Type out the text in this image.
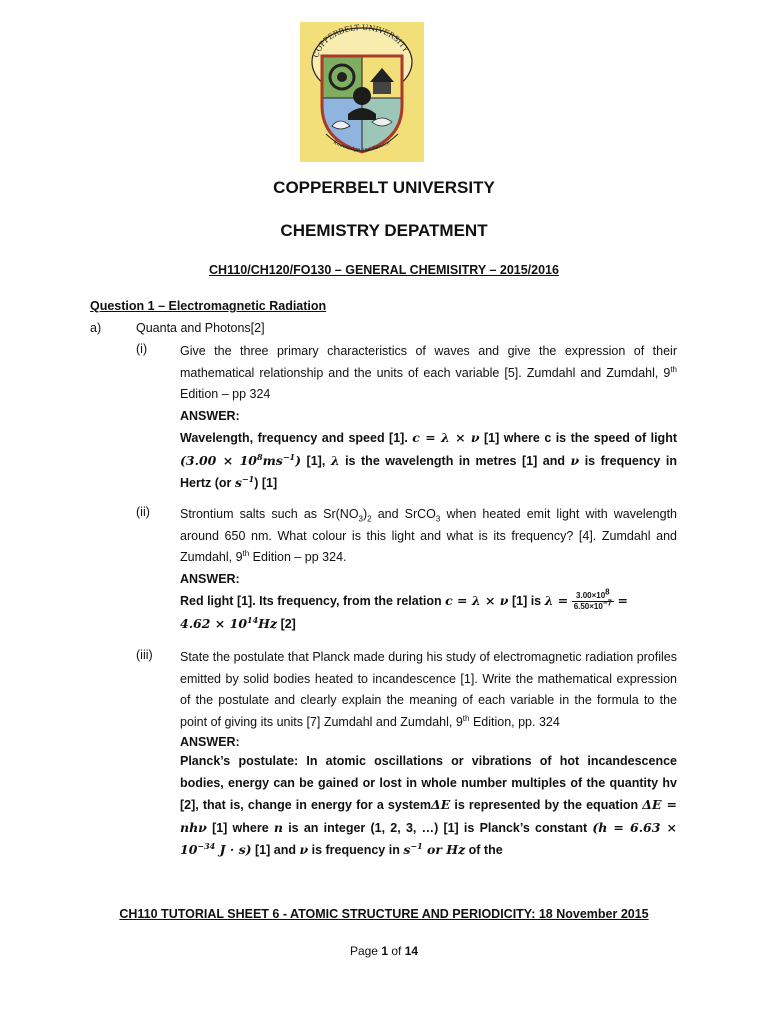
COPPERBELT UNIVERSITY
Knowledge and Service
COPPERBELT UNIVERSITY
CHEMISTRY DEPATMENT
CH110/CH120/FO130 – GENERAL CHEMISITRY – 2015/2016
Question 1 – Electromagnetic Radiation
a)	Quanta and Photons[2]
(i)	Give the three primary characteristics of waves and give the expression of their mathematical relationship and the units of each variable [5]. Zumdahl and Zumdahl, 9th Edition – pp 324
ANSWER:
Wavelength, frequency and speed [1]. c = λ × ν [1] where c is the speed of light $(3.00 \times 10^8ms^{-1})$ [1], λ is the wavelength in metres [1] and ν is frequency in Hertz (or $s^{-1}$) [1]
(ii) Strontium salts such as $Sr(NO_3)_2$ and SrCO$_3$ when heated emit light with wavelength around 650 nm. What colour is this light and what is its frequency? [4]. Zumdahl and Zumdahl, 9th Edition – pp 324.
ANSWER:
Red light [1]. Its frequency, from the relation c = λ × ν [1] is $\lambda = \frac{3.00\times 10^8}{6.50\times 10^{-7}}$ =
$4.62 \times 10^{14}Hz$ [2]
(iii) State the postulate that Planck made during his study of electromagnetic radiation profiles emitted by solid bodies heated to incandescence [1]. Write the mathematical expression of the postulate and clearly explain the meaning of each variable in the formula to the point of giving its units [7] Zumdahl and Zumdahl, 9th Edition, pp. 324
ANSWER:
Planck’s postulate: In atomic oscillations or vibrations of hot incandescence bodies, energy can be gained or lost in whole number multiples of the quantity hv [2], that is, change in energy for a systemΔE is represented by the equation ΔE = nhν [1] where n is an integer (1, 2, 3, …) [1] is Planck’s constant ($h = 6.63 \times 10^{-34}$ J · s) [1] and ν is frequency in $s^{-1}$ or Hz of the
CH110 TUTORIAL SHEET 6 - ATOMIC STRUCTURE AND PERIODICITY: 18 November 2015
Page 1 of 14
